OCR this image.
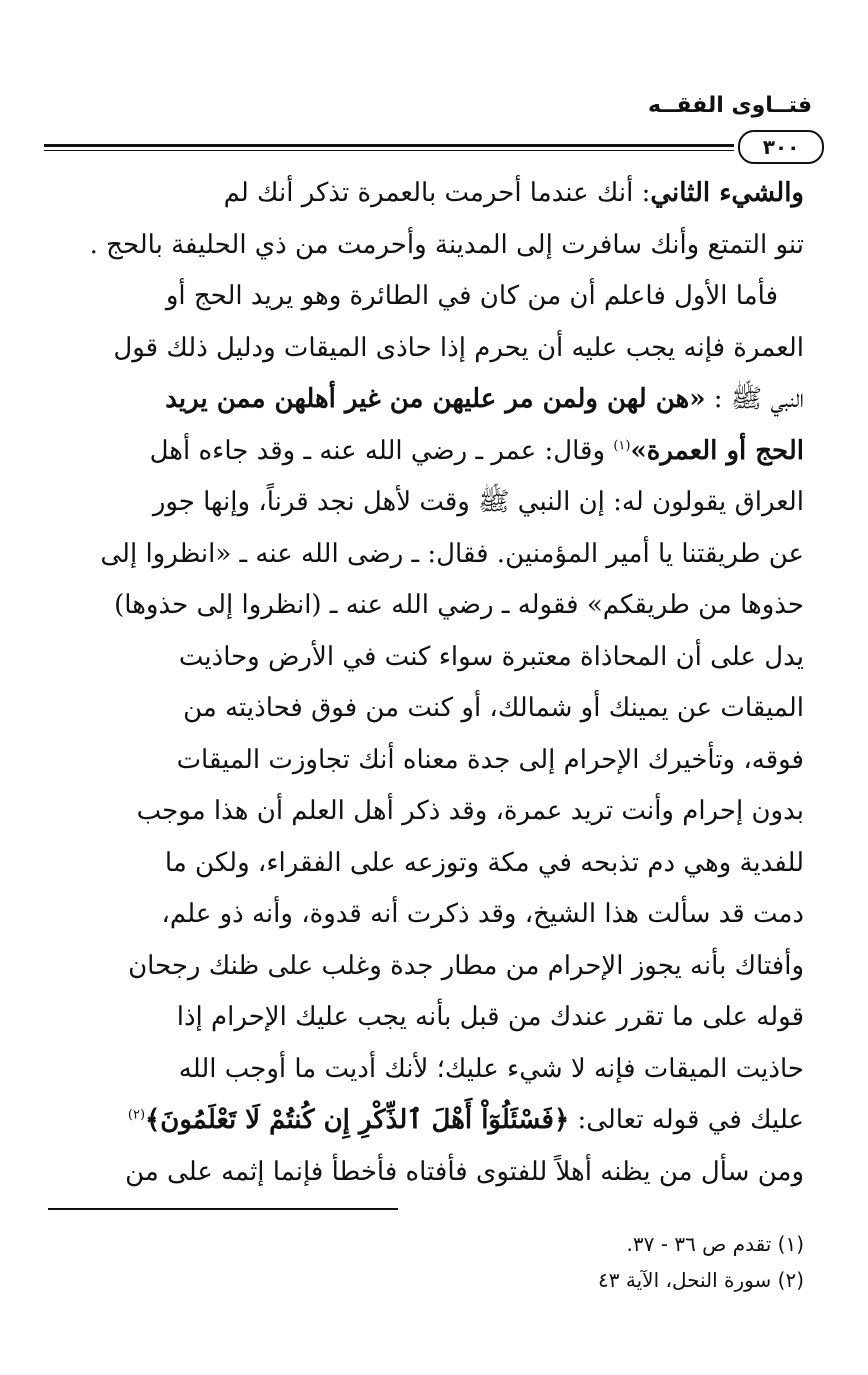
فتــاوى الفقــه
٣٠٠
والشيء الثاني: أنك عندما أحرمت بالعمرة تذكر أنك لم
تنو التمتع وأنك سافرت إلى المدينة وأحرمت من ذي الحليفة بالحج .
فأما الأول فاعلم أن من كان في الطائرة وهو يريد الحج أو
العمرة فإنه يجب عليه أن يحرم إذا حاذى الميقات ودليل ذلك قول
النبي ﷺ : «هن لهن ولمن مر عليهن من غير أهلهن ممن يريد
الحج أو العمرة»$^{(١)}$ وقال: عمر ـ رضي الله عنه ـ وقد جاءه أهل
العراق يقولون له: إن النبي ﷺ وقت لأهل نجد قرناً، وإنها جور
عن طريقتنا يا أمير المؤمنين. فقال: ـ رضى الله عنه ـ «انظروا إلى
حذوها من طريقكم» فقوله ـ رضي الله عنه ـ (انظروا إلى حذوها)
يدل على أن المحاذاة معتبرة سواء كنت في الأرض وحاذيت
الميقات عن يمينك أو شمالك، أو كنت من فوق فحاذيته من
فوقه، وتأخيرك الإحرام إلى جدة معناه أنك تجاوزت الميقات
بدون إحرام وأنت تريد عمرة، وقد ذكر أهل العلم أن هذا موجب
للفدية وهي دم تذبحه في مكة وتوزعه على الفقراء، ولكن ما
دمت قد سألت هذا الشيخ، وقد ذكرت أنه قدوة، وأنه ذو علم،
وأفتاك بأنه يجوز الإحرام من مطار جدة وغلب على ظنك رجحان
قوله على ما تقرر عندك من قبل بأنه يجب عليك الإحرام إذا
حاذيت الميقات فإنه لا شيء عليك؛ لأنك أديت ما أوجب الله
عليك في قوله تعالى: ﴿فَسْئَلُوٓاْ أَهْلَ ٱلذِّكْرِ إِن كُنتُمْ لَا تَعْلَمُونَ﴾$^{(٢)}$
ومن سأل من يظنه أهلاً للفتوى فأفتاه فأخطأ فإنما إثمه على من
(١) تقدم ص ٣٦ - ٣٧.
(٢) سورة النحل، الآية ٤٣
